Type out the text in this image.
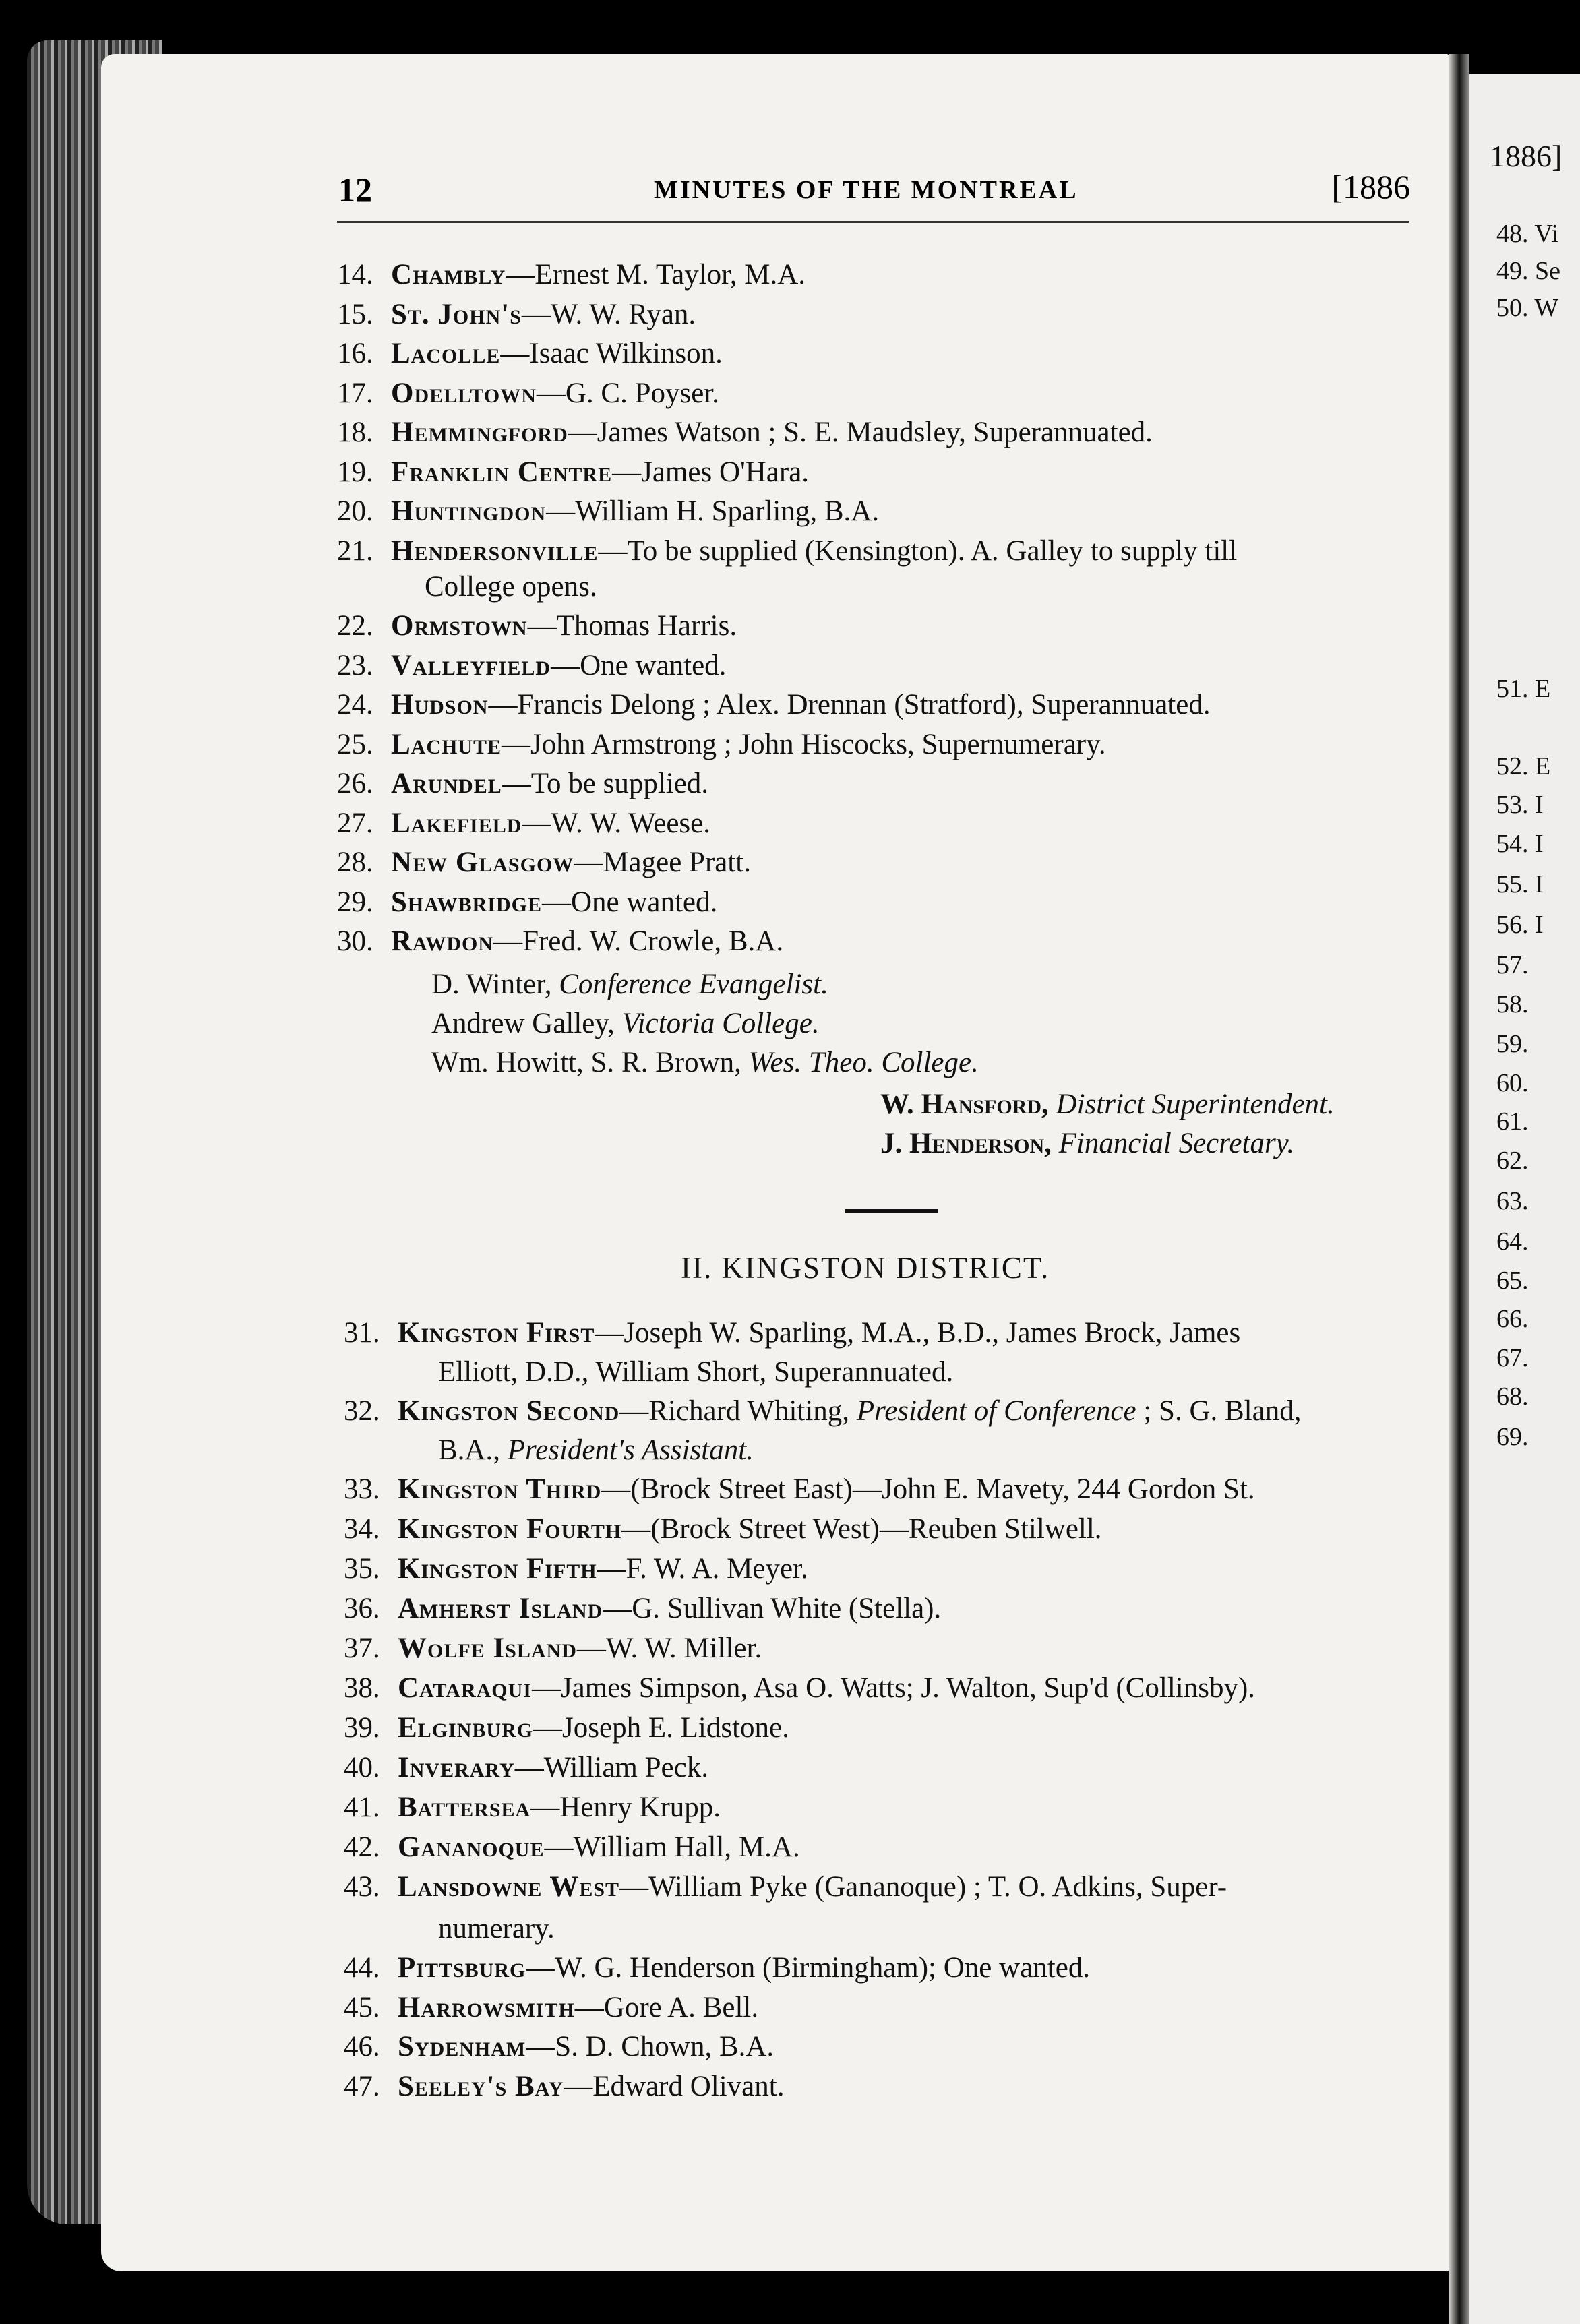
12	MINUTES OF THE MONTREAL	[1886
14. Chambly—Ernest M. Taylor, M.A.
15. St. John's—W. W. Ryan.
16. Lacolle—Isaac Wilkinson.
17. Odelltown—G. C. Poyser.
18. Hemmingford—James Watson ; S. E. Maudsley, Superannuated.
19. Franklin Centre—James O'Hara.
20. Huntingdon—William H. Sparling, B.A.
21. Hendersonville—To be supplied (Kensington). A. Galley to supply till
College opens.
22. Ormstown—Thomas Harris.
23. Valleyfield—One wanted.
24. Hudson—Francis Delong ; Alex. Drennan (Stratford), Superannuated.
25. Lachute—John Armstrong ; John Hiscocks, Supernumerary.
26. Arundel—To be supplied.
27. Lakefield—W. W. Weese.
28. New Glasgow—Magee Pratt.
29. Shawbridge—One wanted.
30. Rawdon—Fred. W. Crowle, B.A.
D. Winter, Conference Evangelist.
Andrew Galley, Victoria College.
Wm. Howitt, S. R. Brown, Wes. Theo. College.
W. Hansford, District Superintendent.
J. Henderson, Financial Secretary.
II. KINGSTON DISTRICT.
31. Kingston First—Joseph W. Sparling, M.A., B.D., James Brock, James
Elliott, D.D., William Short, Superannuated.
32. Kingston Second—Richard Whiting, President of Conference ; S. G. Bland,
B.A., President's Assistant.
33. Kingston Third—(Brock Street East)—John E. Mavety, 244 Gordon St.
34. Kingston Fourth—(Brock Street West)—Reuben Stilwell.
35. Kingston Fifth—F. W. A. Meyer.
36. Amherst Island—G. Sullivan White (Stella).
37. Wolfe Island—W. W. Miller.
38. Cataraqui—James Simpson, Asa O. Watts; J. Walton, Sup'd (Collinsby).
39. Elginburg—Joseph E. Lidstone.
40. Inverary—William Peck.
41. Battersea—Henry Krupp.
42. Gananoque—William Hall, M.A.
43. Lansdowne West—William Pyke (Gananoque) ; T. O. Adkins, Super-
numerary.
44. Pittsburg—W. G. Henderson (Birmingham); One wanted.
45. Harrowsmith—Gore A. Bell.
46. Sydenham—S. D. Chown, B.A.
47. Seeley's Bay—Edward Olivant.
1886]
48. Vi
49. Se
50. W
51. E
52. E
53. I
54. I
55. I
56. I
57.
58.
59.
60.
61.
62.
63.
64.
65.
66.
67.
68.
69.
